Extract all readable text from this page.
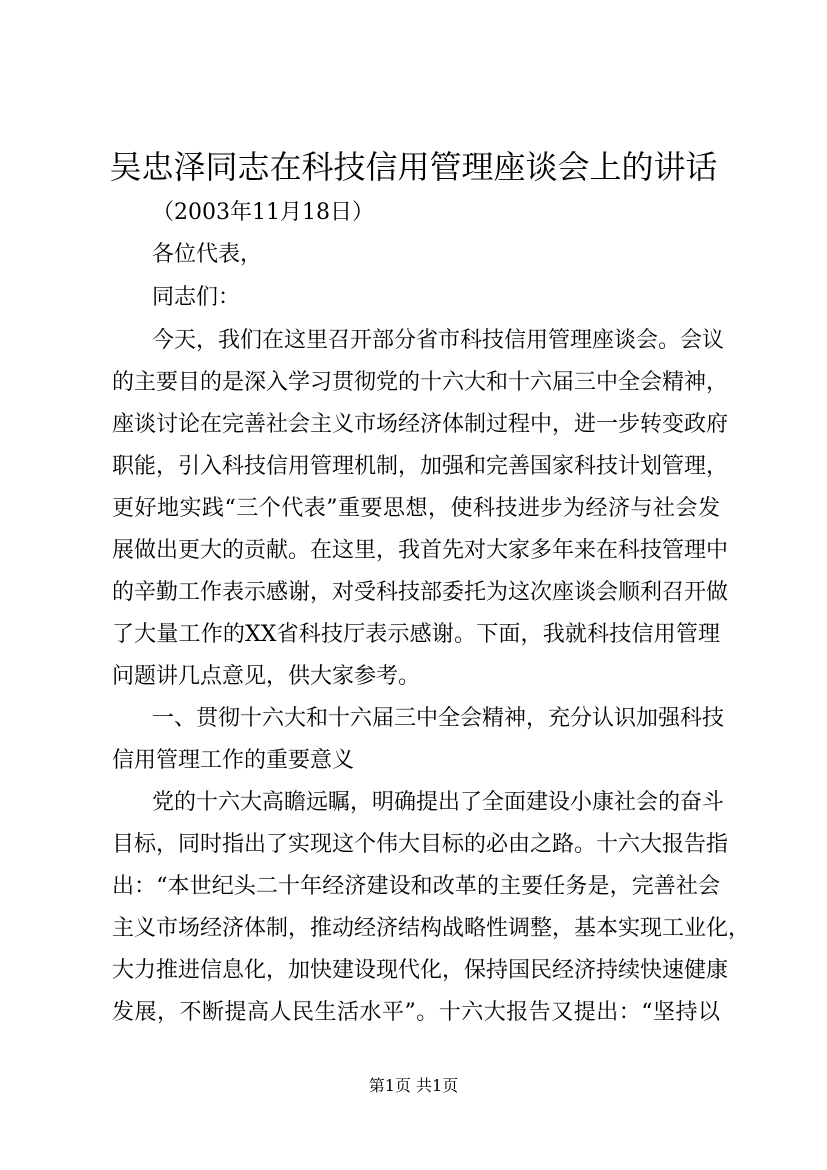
吴忠泽同志在科技信用管理座谈会上的讲话
（2003年11月18日）
各位代表，
同志们：
今天，我们在这里召开部分省市科技信用管理座谈会。会议
的主要目的是深入学习贯彻党的十六大和十六届三中全会精神，
座谈讨论在完善社会主义市场经济体制过程中，进一步转变政府
职能，引入科技信用管理机制，加强和完善国家科技计划管理，
更好地实践“三个代表”重要思想，使科技进步为经济与社会发
展做出更大的贡献。在这里，我首先对大家多年来在科技管理中
的辛勤工作表示感谢，对受科技部委托为这次座谈会顺利召开做
了大量工作的XX省科技厅表示感谢。下面，我就科技信用管理
问题讲几点意见，供大家参考。
一、贯彻十六大和十六届三中全会精神，充分认识加强科技
信用管理工作的重要意义
党的十六大高瞻远瞩，明确提出了全面建设小康社会的奋斗
目标，同时指出了实现这个伟大目标的必由之路。十六大报告指
出：“本世纪头二十年经济建设和改革的主要任务是，完善社会
主义市场经济体制，推动经济结构战略性调整，基本实现工业化，
大力推进信息化，加快建设现代化，保持国民经济持续快速健康
发展，不断提高人民生活水平”。十六大报告又提出：“坚持以
第1页 共1页
